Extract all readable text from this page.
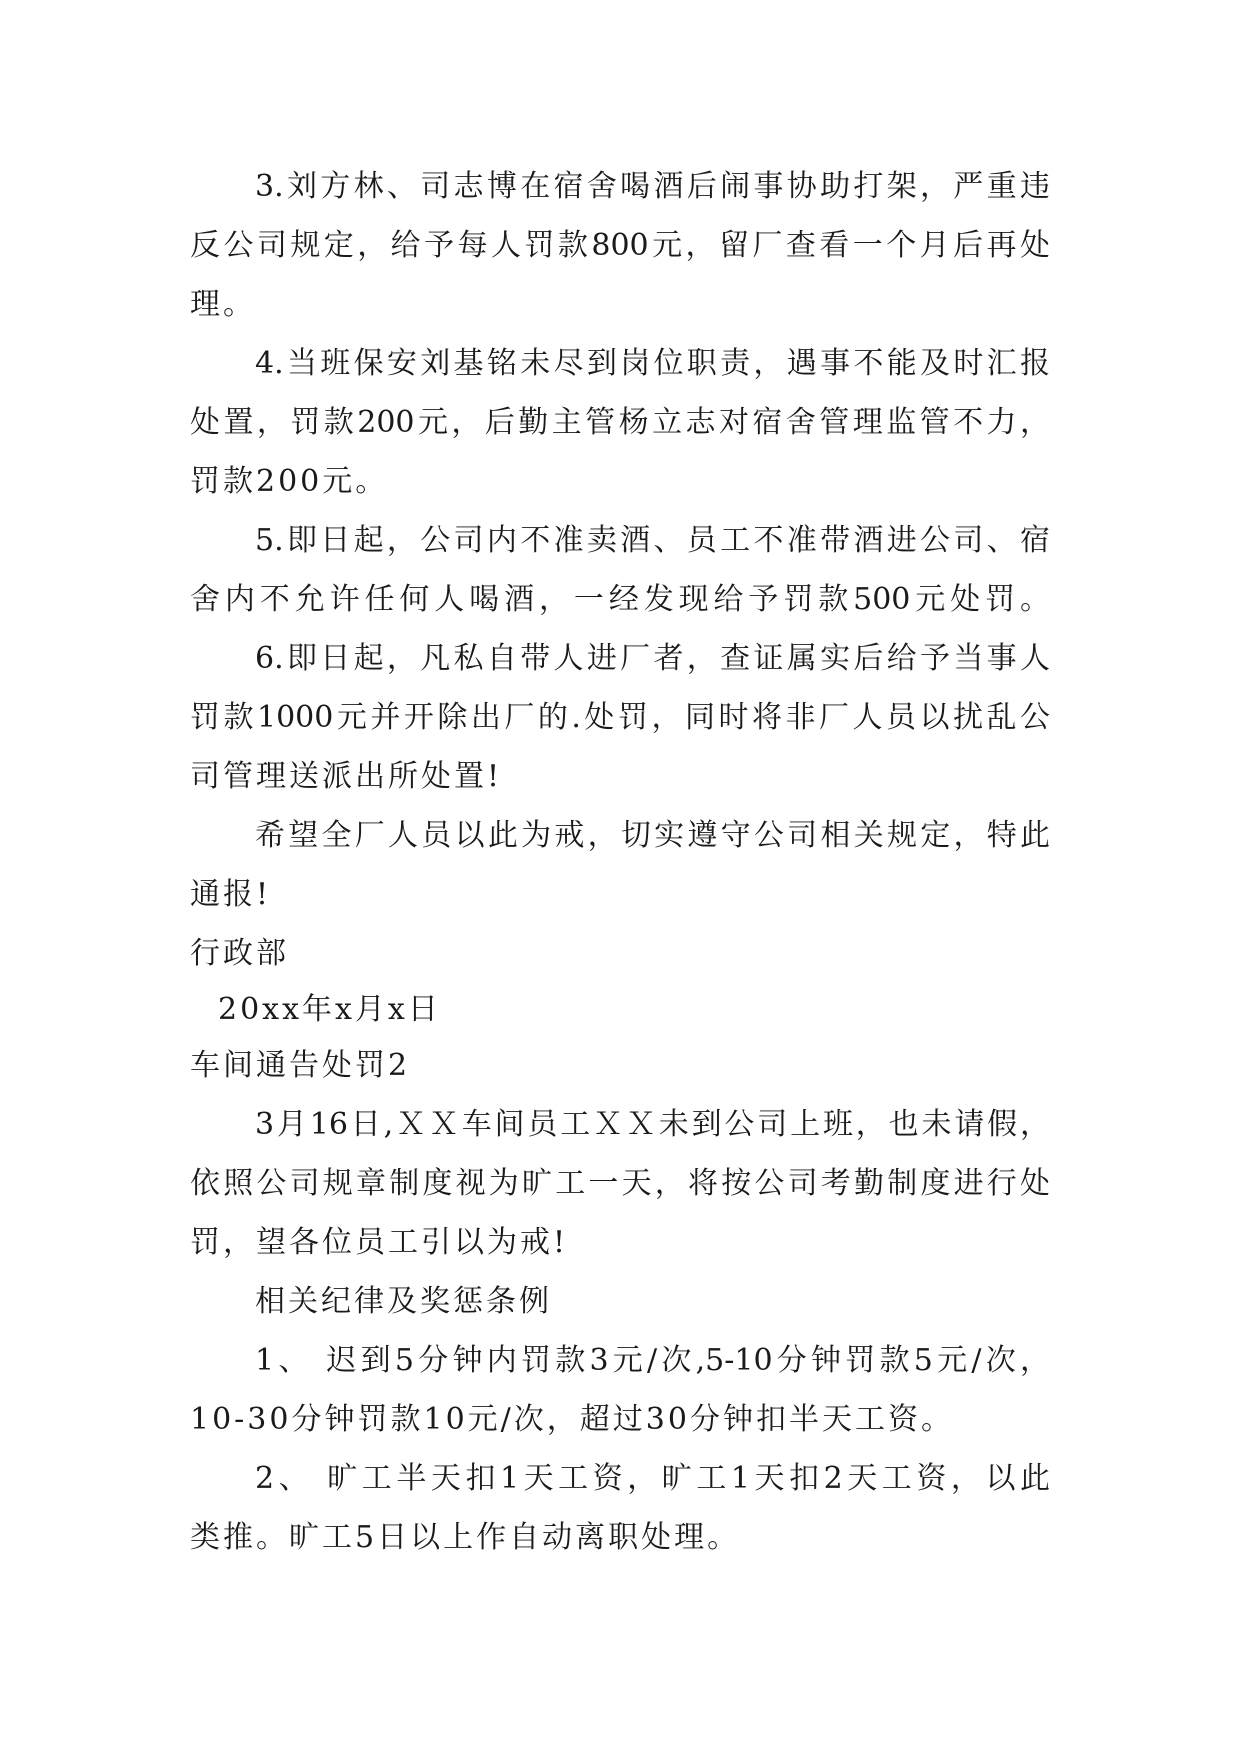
3.刘方林、司志博在宿舍喝酒后闹事协助打架，严重违
反公司规定，给予每人罚款800元，留厂查看一个月后再处
理。
4.当班保安刘基铭未尽到岗位职责，遇事不能及时汇报
处置，罚款200元，后勤主管杨立志对宿舍管理监管不力，
罚款200元。
5.即日起，公司内不准卖酒、员工不准带酒进公司、宿
舍内不允许任何人喝酒，一经发现给予罚款500元处罚。
6.即日起，凡私自带人进厂者，查证属实后给予当事人
罚款1000元并开除出厂的.处罚，同时将非厂人员以扰乱公
司管理送派出所处置!
希望全厂人员以此为戒，切实遵守公司相关规定，特此
通报!
行政部
20xx年x月x日
车间通告处罚2
3月16日,ＸＸ车间员工ＸＸ未到公司上班，也未请假，
依照公司规章制度视为旷工一天，将按公司考勤制度进行处
罚，望各位员工引以为戒!
相关纪律及奖惩条例
1、 迟到5分钟内罚款3元/次,5-10分钟罚款5元/次，
10-30分钟罚款10元/次，超过30分钟扣半天工资。
2、 旷工半天扣1天工资，旷工1天扣2天工资，以此
类推。旷工5日以上作自动离职处理。
